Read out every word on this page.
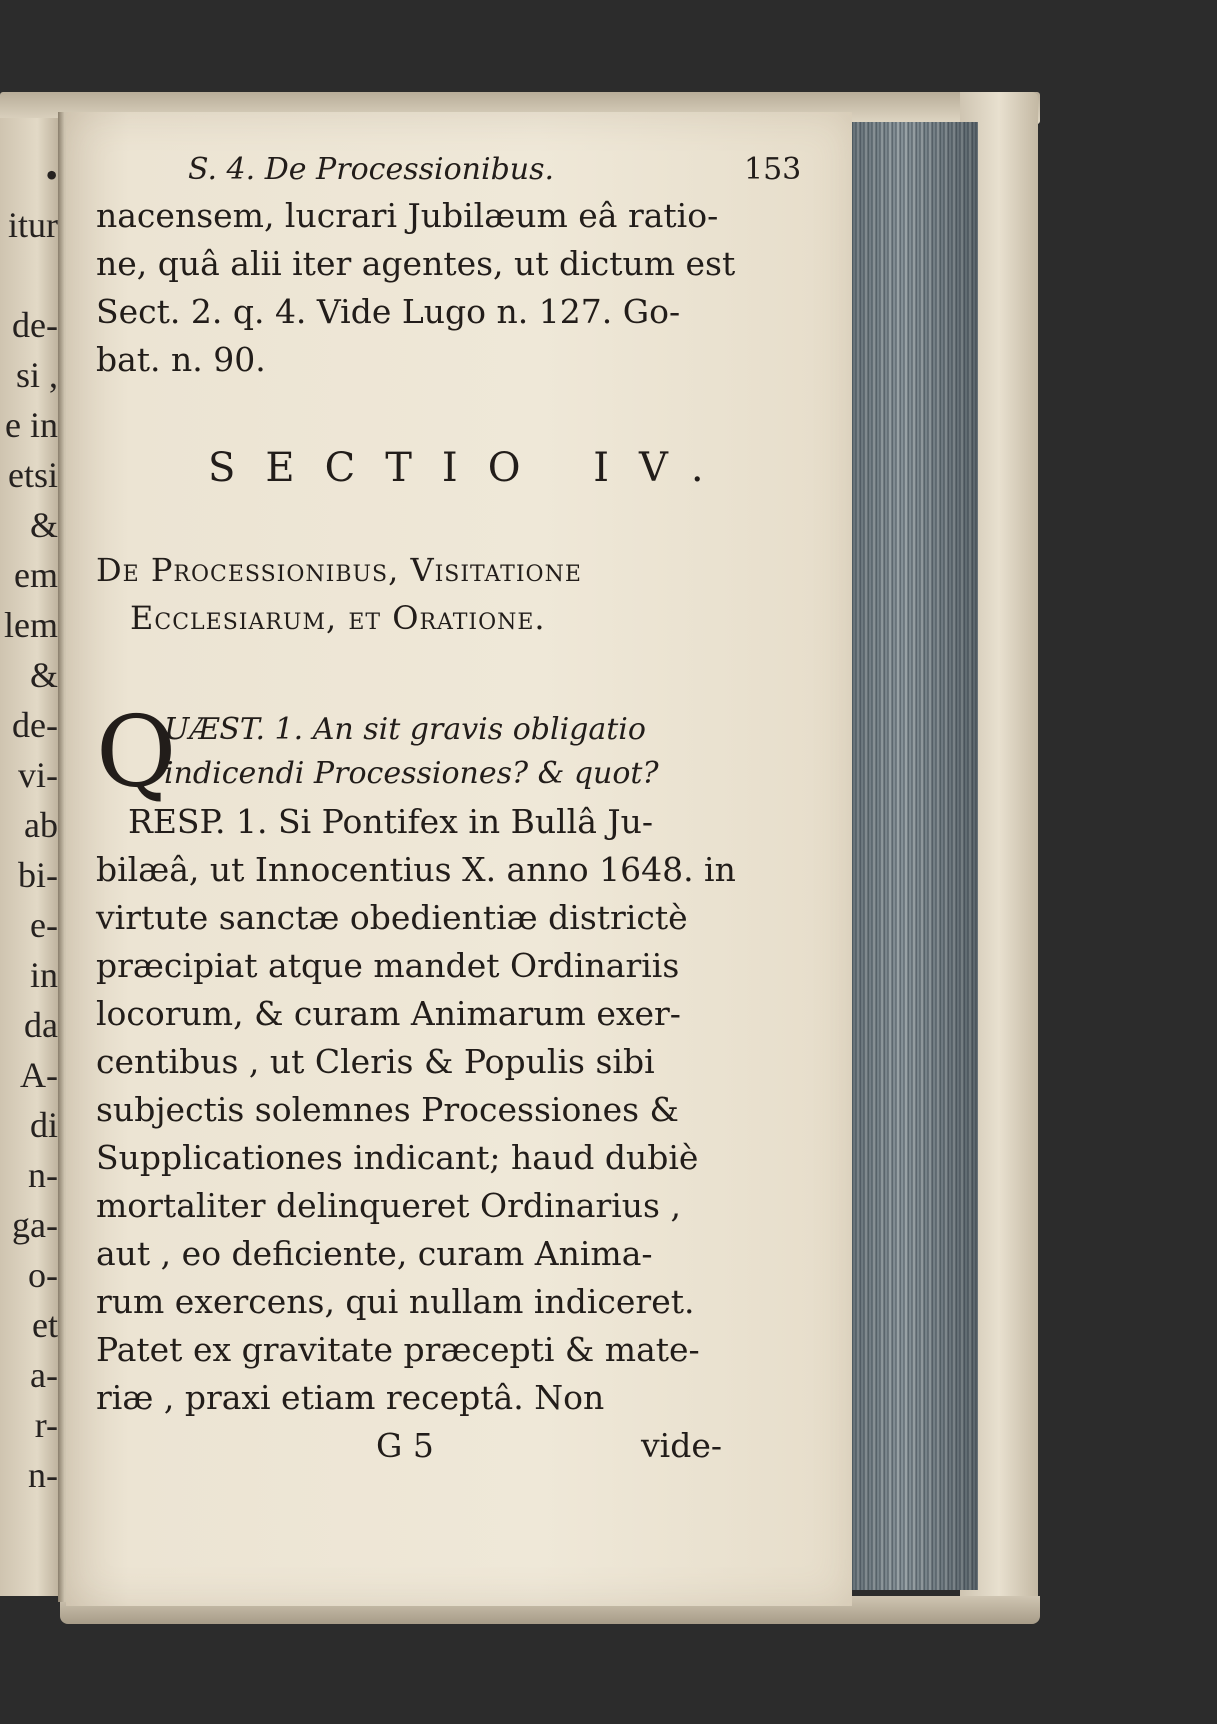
•
itur
de-
si ,
e in
etsi
&
em
lem
&
de-
vi-
ab
bi-
e-
in
da
A-
di
n-
ga-
o-
et
a-
r-
n-
S. 4. De Processionibus.	153
nacensem, lucrari Jubilæum eâ ratio-
ne, quâ alii iter agentes, ut dictum est
Sect. 2. q. 4. Vide Lugo n. 127. Go-
bat. n. 90.
SECTIO IV.
De Processionibus, Visitatione
Ecclesiarum, et Oratione.
Q
UÆST. 1. An sit gravis obligatio
indicendi Processiones? & quot?
RESP. 1. Si Pontifex in Bullâ Ju-
bilæâ, ut Innocentius X. anno 1648. in
virtute sanctæ obedientiæ districtè
præcipiat atque mandet Ordinariis
locorum, & curam Animarum exer-
centibus , ut Cleris & Populis sibi
subjectis solemnes Processiones &
Supplicationes indicant; haud dubiè
mortaliter delinqueret Ordinarius ,
aut , eo deficiente, curam Anima-
rum exercens, qui nullam indiceret.
Patet ex gravitate præcepti & mate-
riæ , praxi etiam receptâ. Non
G 5	vide-
